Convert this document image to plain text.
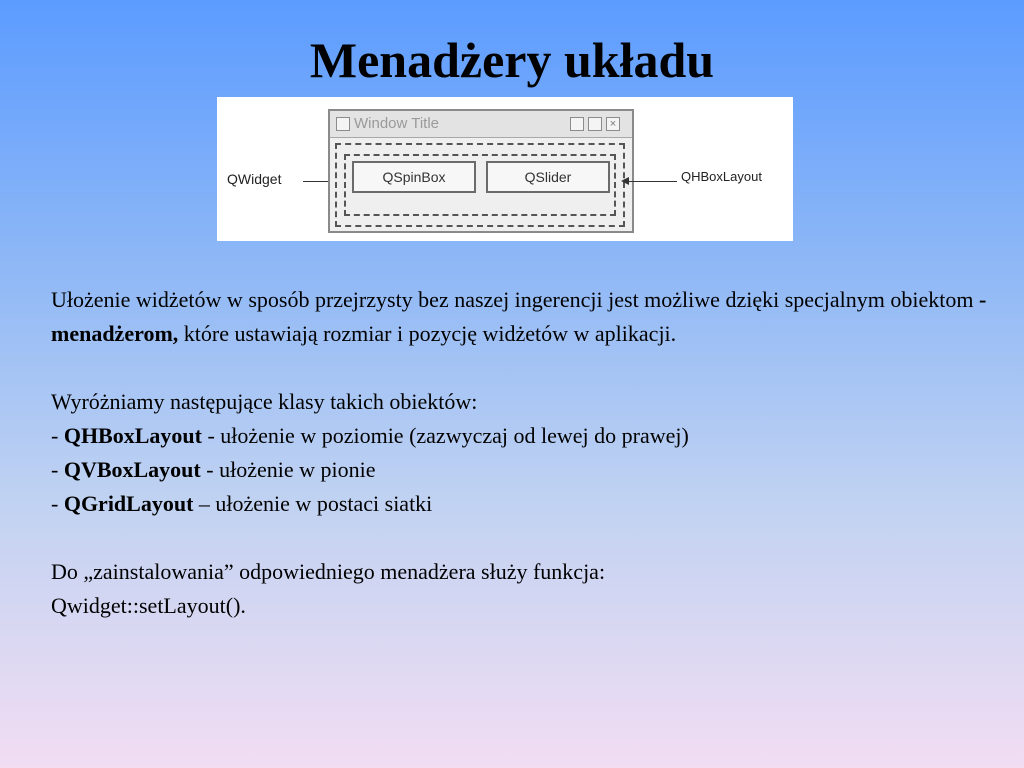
Menadżery układu
QWidget
Window Title	×
QSpinBox	QSlider	QHBoxLayout

Ułożenie widżetów w sposób przejrzysty bez naszej ingerencji jest możliwe dzięki specjalnym obiektom - menadżerom, które ustawiają rozmiar i pozycję widżetów w aplikacji.

Wyróżniamy następujące klasy takich obiektów:

- QHBoxLayout - ułożenie w poziomie (zazwyczaj od lewej do prawej)

- QVBoxLayout - ułożenie w pionie

- QGridLayout – ułożenie w postaci siatki

Do „zainstalowania” odpowiedniego menadżera służy funkcja:

Qwidget::setLayout().
